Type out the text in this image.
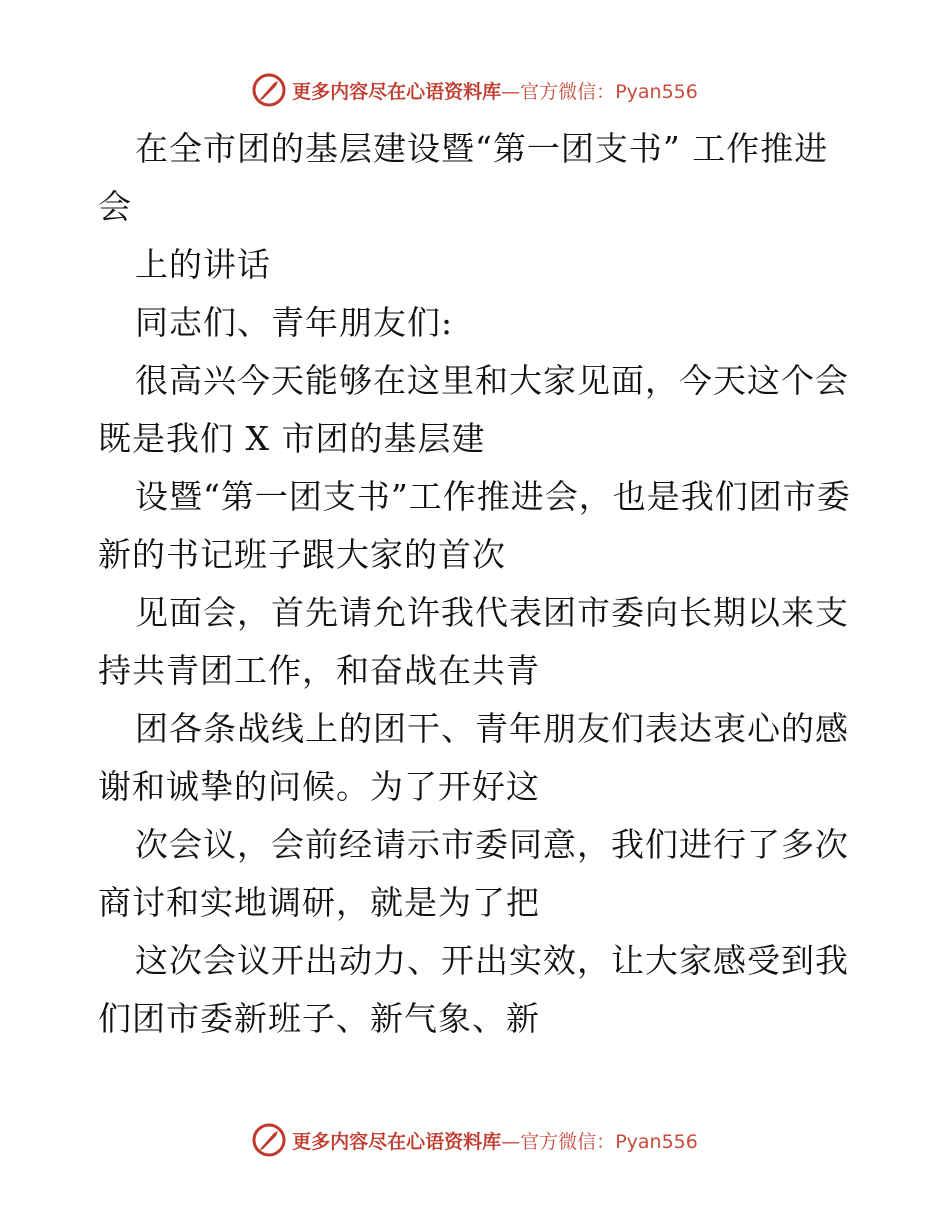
更多内容尽在心语资料库—官方微信：Pyan556

在全市团的基层建设暨“第一团支书” 工作推进会

上的讲话

同志们、青年朋友们:

很高兴今天能够在这里和大家见面，今天这个会既是我们 X 市团的基层建

设暨“第一团支书”工作推进会，也是我们团市委新的书记班子跟大家的首次

见面会，首先请允许我代表团市委向长期以来支持共青团工作，和奋战在共青

团各条战线上的团干、青年朋友们表达衷心的感谢和诚挚的问候。为了开好这

次会议，会前经请示市委同意，我们进行了多次商讨和实地调研，就是为了把

这次会议开出动力、开出实效，让大家感受到我们团市委新班子、新气象、新

更多内容尽在心语资料库—官方微信：Pyan556
